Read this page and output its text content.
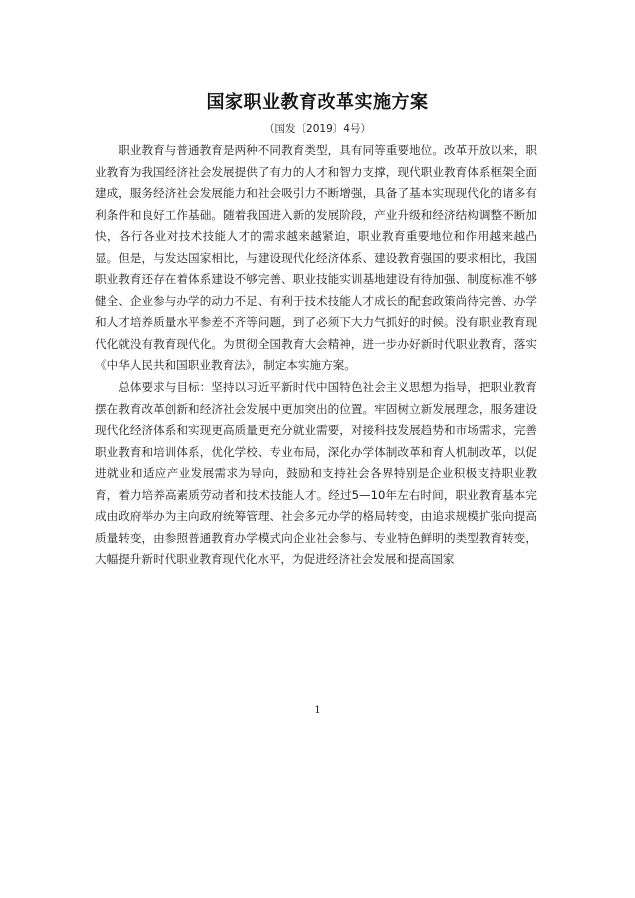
国家职业教育改革实施方案
（国发〔2019〕4号）

职业教育与普通教育是两种不同教育类型，具有同等重要地位。改革开放以来，职业教育为我国经济社会发展提供了有力的人才和智力支撑，现代职业教育体系框架全面建成，服务经济社会发展能力和社会吸引力不断增强，具备了基本实现现代化的诸多有利条件和良好工作基础。随着我国进入新的发展阶段，产业升级和经济结构调整不断加快，各行各业对技术技能人才的需求越来越紧迫，职业教育重要地位和作用越来越凸显。但是，与发达国家相比，与建设现代化经济体系、建设教育强国的要求相比，我国职业教育还存在着体系建设不够完善、职业技能实训基地建设有待加强、制度标准不够健全、企业参与办学的动力不足、有利于技术技能人才成长的配套政策尚待完善、办学和人才培养质量水平参差不齐等问题，到了必须下大力气抓好的时候。没有职业教育现代化就没有教育现代化。为贯彻全国教育大会精神，进一步办好新时代职业教育，落实《中华人民共和国职业教育法》，制定本实施方案。

总体要求与目标：坚持以习近平新时代中国特色社会主义思想为指导，把职业教育摆在教育改革创新和经济社会发展中更加突出的位置。牢固树立新发展理念，服务建设现代化经济体系和实现更高质量更充分就业需要，对接科技发展趋势和市场需求，完善职业教育和培训体系，优化学校、专业布局，深化办学体制改革和育人机制改革，以促进就业和适应产业发展需求为导向，鼓励和支持社会各界特别是企业积极支持职业教育，着力培养高素质劳动者和技术技能人才。经过5—10年左右时间，职业教育基本完成由政府举办为主向政府统筹管理、社会多元办学的格局转变，由追求规模扩张向提高质量转变，由参照普通教育办学模式向企业社会参与、专业特色鲜明的类型教育转变，大幅提升新时代职业教育现代化水平，为促进经济社会发展和提高国家

1
